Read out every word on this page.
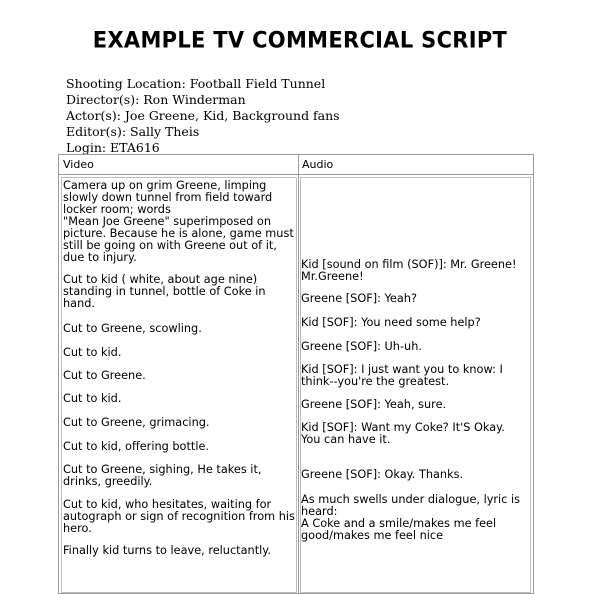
EXAMPLE TV COMMERCIAL SCRIPT
Shooting Location: Football Field Tunnel
Director(s): Ron Winderman
Actor(s): Joe Greene, Kid, Background fans
Editor(s): Sally Theis
Login: ETA616____
Video	Audio
Camera up on grim Greene, limping
slowly down tunnel from field toward
locker room; words
"Mean Joe Greene" superimposed on
picture. Because he is alone, game must
still be going on with Greene out of it,
due to injury.
Cut to kid ( white, about age nine)
standing in tunnel, bottle of Coke in
hand.
Cut to Greene, scowling.
Cut to kid.
Cut to Greene.
Cut to kid.
Cut to Greene, grimacing.
Cut to kid, offering bottle.
Cut to Greene, sighing, He takes it,
drinks, greedily.
Cut to kid, who hesitates, waiting for
autograph or sign of recognition from his
hero.
Finally kid turns to leave, reluctantly.
Kid [sound on film (SOF)]: Mr. Greene!
Mr.Greene!
Greene [SOF]: Yeah?
Kid [SOF]: You need some help?
Greene [SOF]: Uh-uh.
Kid [SOF]: I just want you to know: I
think--you're the greatest.
Greene [SOF]: Yeah, sure.
Kid [SOF]: Want my Coke? It'S Okay.
You can have it.
Greene [SOF]: Okay. Thanks.
As much swells under dialogue, lyric is
heard:
A Coke and a smile/makes me feel
good/makes me feel nice
